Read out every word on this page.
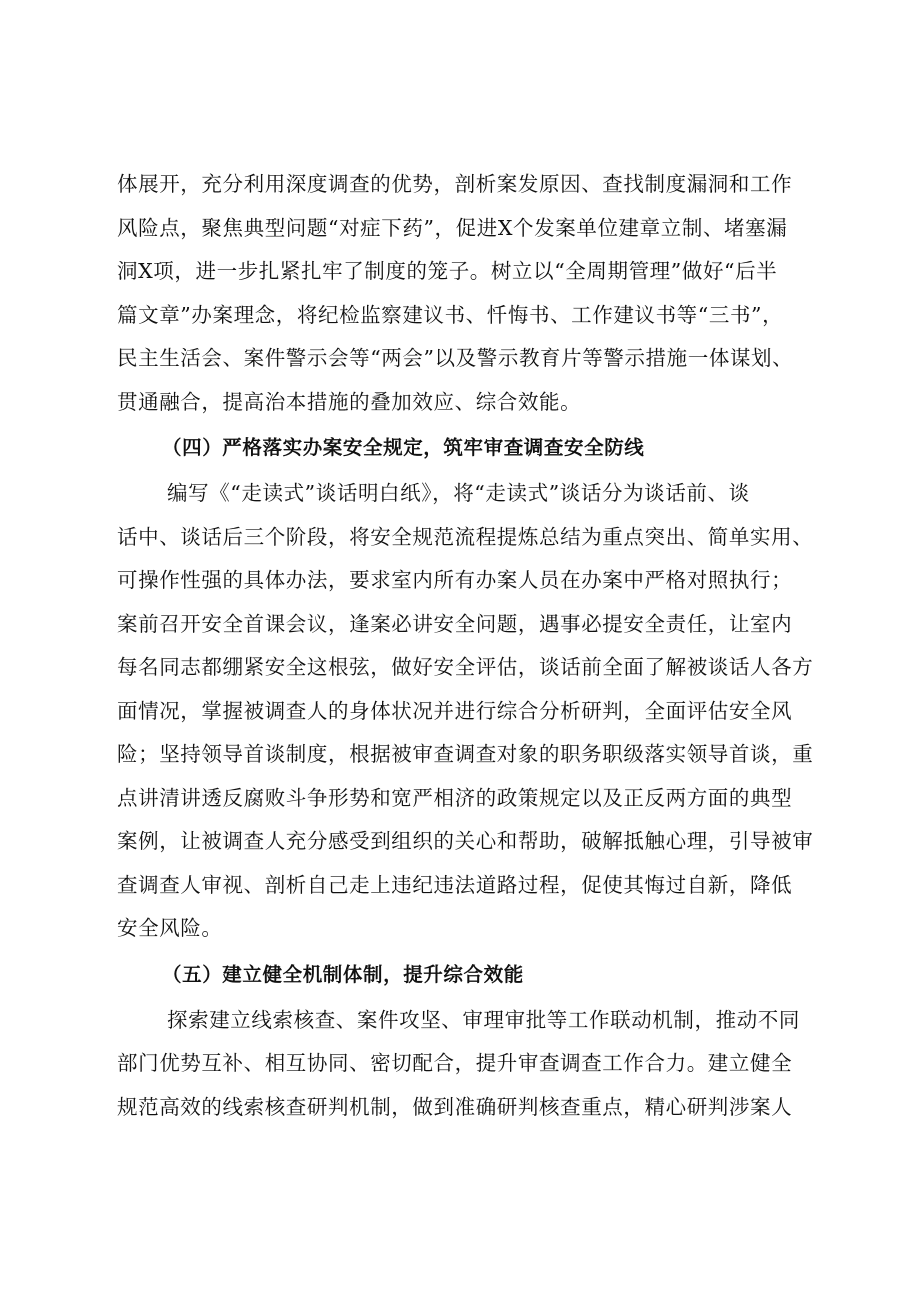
体展开，充分利用深度调查的优势，剖析案发原因、查找制度漏洞和工作
风险点，聚焦典型问题“对症下药”，促进X个发案单位建章立制、堵塞漏
洞X项，进一步扎紧扎牢了制度的笼子。树立以“全周期管理”做好“后半
篇文章”办案理念，将纪检监察建议书、忏悔书、工作建议书等“三书”，
民主生活会、案件警示会等“两会”以及警示教育片等警示措施一体谋划、
贯通融合，提高治本措施的叠加效应、综合效能。
（四）严格落实办案安全规定，筑牢审查调查安全防线
编写《“走读式”谈话明白纸》，将“走读式”谈话分为谈话前、谈
话中、谈话后三个阶段，将安全规范流程提炼总结为重点突出、简单实用、
可操作性强的具体办法，要求室内所有办案人员在办案中严格对照执行；
案前召开安全首课会议，逢案必讲安全问题，遇事必提安全责任，让室内
每名同志都绷紧安全这根弦，做好安全评估，谈话前全面了解被谈话人各方
面情况，掌握被调查人的身体状况并进行综合分析研判，全面评估安全风
险；坚持领导首谈制度，根据被审查调查对象的职务职级落实领导首谈，重
点讲清讲透反腐败斗争形势和宽严相济的政策规定以及正反两方面的典型
案例，让被调查人充分感受到组织的关心和帮助，破解抵触心理，引导被审
查调查人审视、剖析自己走上违纪违法道路过程，促使其悔过自新，降低
安全风险。
（五）建立健全机制体制，提升综合效能
探索建立线索核查、案件攻坚、审理审批等工作联动机制，推动不同
部门优势互补、相互协同、密切配合，提升审查调查工作合力。建立健全
规范高效的线索核查研判机制，做到准确研判核查重点，精心研判涉案人
